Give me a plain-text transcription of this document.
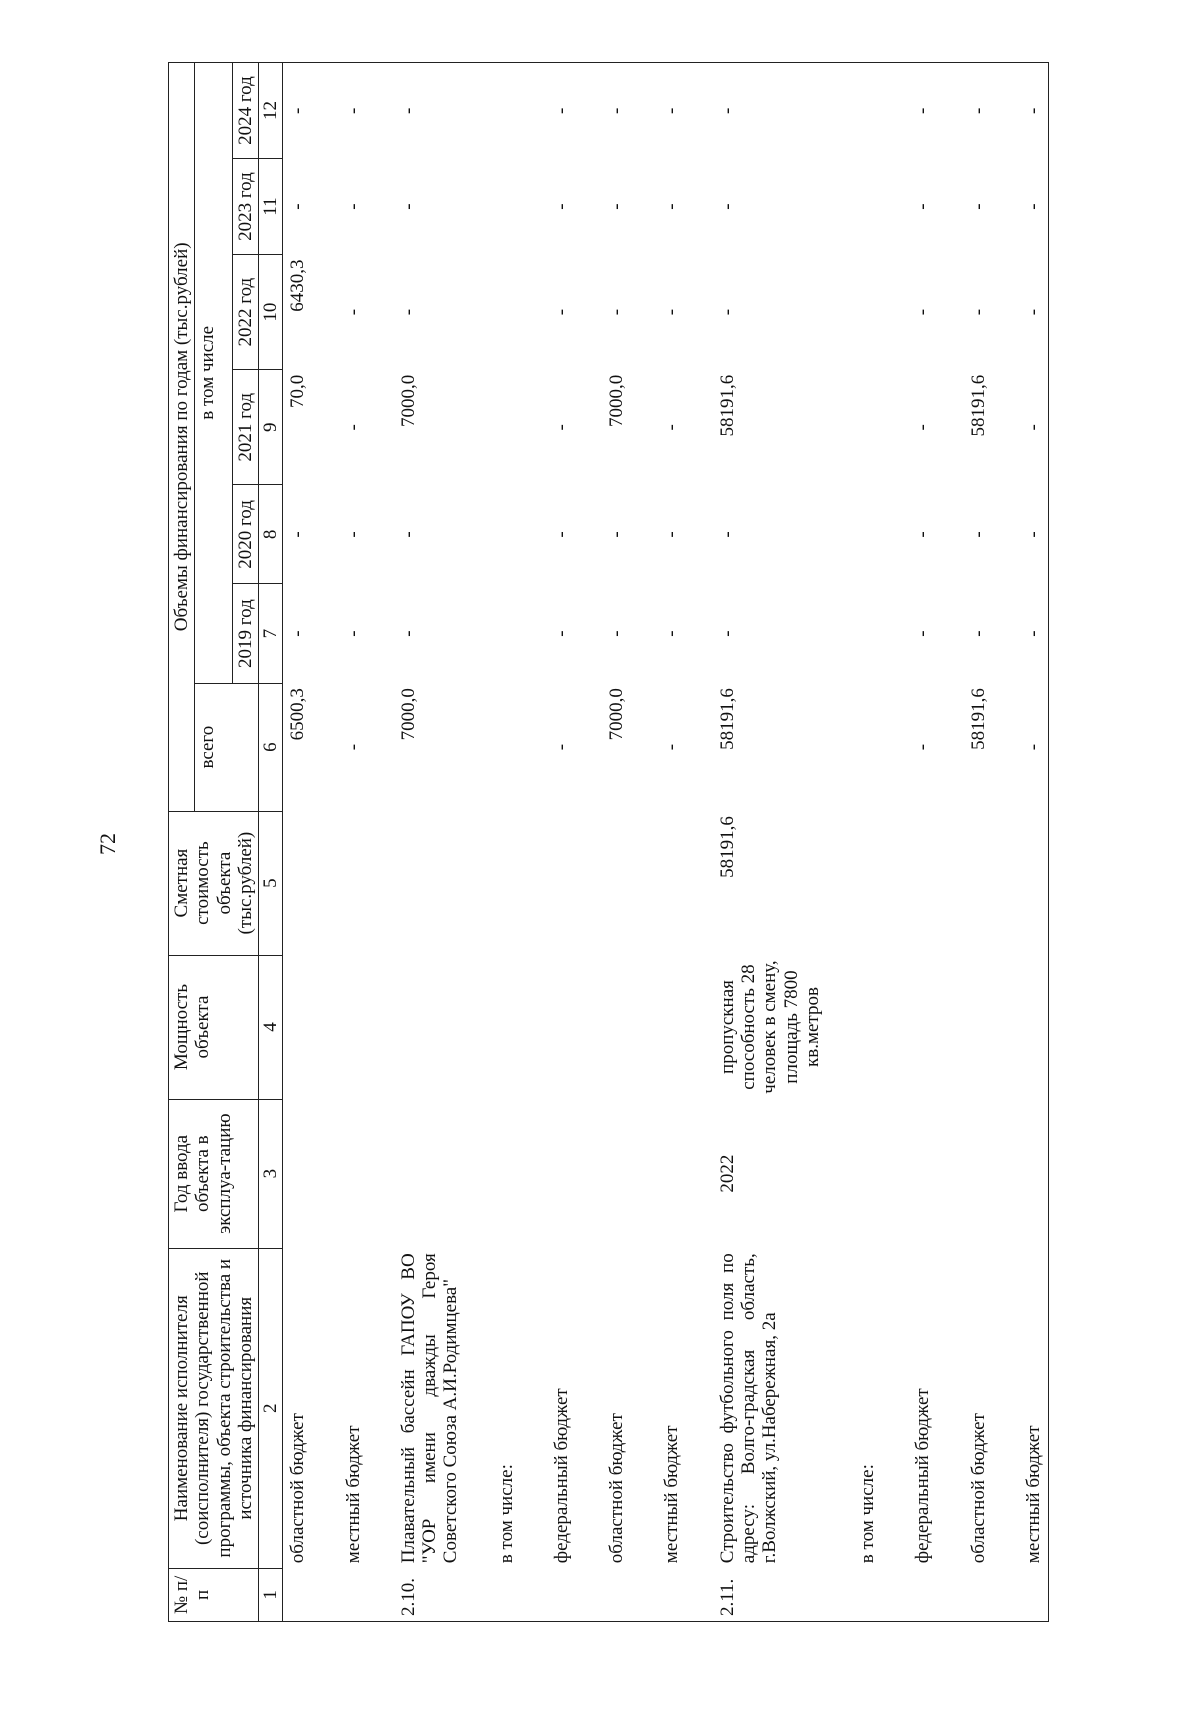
72
№ п/п	Наименование исполнителя (соисполнителя) государственной программы, объекта строительства и источника финансирования	Год ввода объекта в эксплуа-тацию	Мощность объекта	Сметная стоимость объекта (тыс.рублей)	Объемы финансирования по годам (тыс.рублей)						
					всего	в том числе					
						2019 год	2020 год	2021 год	2022 год	2023 год	2024 год
1	2	3	4	5	6	7	8	9	10	11	12
	областной бюджет				6500,3	-	-	70,0	6430,3	-	-

	местный бюджет				-	-	-	-	-	-	-

2.10.	Плавательный бассейн ГАПОУ ВО "УОР имени дважды Героя Советского Союза А.И.Родимцева"				7000,0	-	-	7000,0	-	-	-

	в том числе:										

	федеральный бюджет				-	-	-	-	-	-	-

	областной бюджет				7000,0	-	-	7000,0	-	-	-

	местный бюджет				-	-	-	-	-	-	-

2.11.	Строительство футбольного поля по адресу: Волго-градская область, г.Волжский, ул.Набережная, 2а	2022	пропускная способность 28 человек в смену, площадь 7800 кв.метров	58191,6	58191,6	-	-	58191,6	-	-	-

	в том числе:										

	федеральный бюджет				-	-	-	-	-	-	-

	областной бюджет				58191,6	-	-	58191,6	-	-	-

	местный бюджет				-	-	-	-	-	-	-
